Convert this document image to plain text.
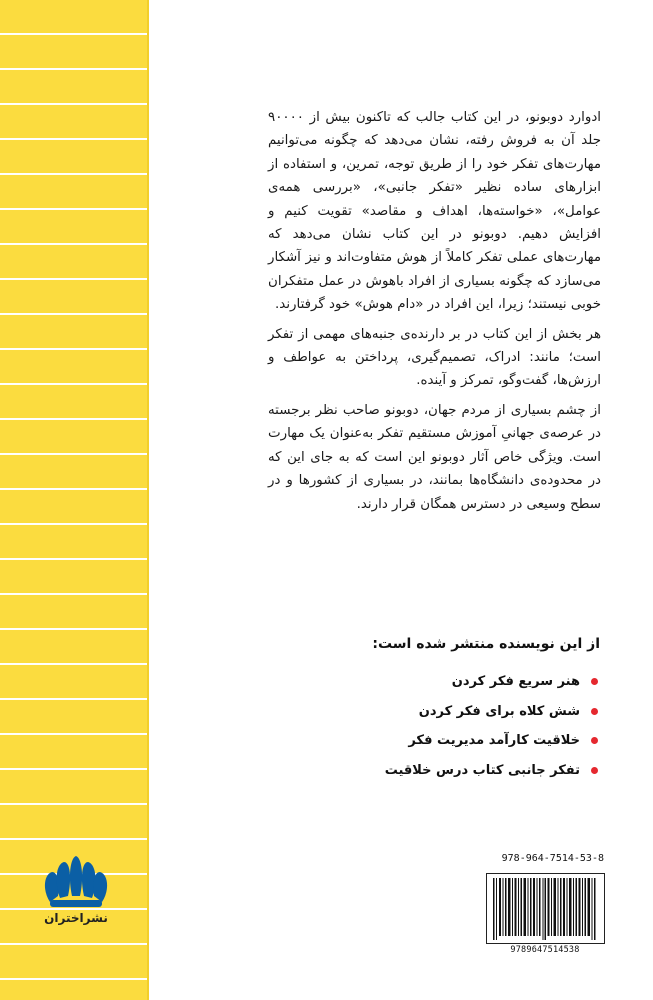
ادوارد دوبونو، در این کتاب جالب که تاکنون بیش از ۹۰۰۰۰ جلد آن به فروش رفته، نشان می‌دهد که چگونه می‌توانیم مهارت‌های تفکر خود را از طریق توجه، تمرین، و استفاده از ابزارهای ساده نظیر «تفکر جانبی»، «بررسی همه‌ی عوامل»، «خواسته‌ها، اهداف و مقاصد» تقویت کنیم و افزایش دهیم. دوبونو در این کتاب نشان می‌دهد که مهارت‌های عملی تفکر کاملاً از هوش متفاوت‌اند و نیز آشکار می‌سازد که چگونه بسیاری از افراد باهوش در عمل متفکران خوبی نیستند؛ زیرا، این افراد در «دام هوش» خود گرفتارند.

هر بخش از این کتاب در بر دارنده‌ی جنبه‌های مهمی از تفکر است؛ مانند: ادراک، تصمیم‌گیری، پرداختن به عواطف و ارزش‌ها، گفت‌وگو، تمرکز و آینده.

از چشم بسیاری از مردم جهان، دوبونو صاحب نظر برجسته در عرصه‌ی جهانیِ آموزش مستقیم تفکر به‌عنوان یک مهارت است. ویژگی خاص آثار دوبونو این است که به جای این که در محدوده‌ی دانشگاه‌ها بمانند، در بسیاری از کشورها و در سطح وسیعی در دسترس همگان قرار دارند.

از این نویسنده منتشر شده است:
هنر سریع فکر کردن
شش کلاه برای فکر کردن
خلاقیت کارآمد مدیریت فکر
تفکر جانبی کتاب درس خلاقیت
نشراختران
978-964-7514-53-8
9789647514538
